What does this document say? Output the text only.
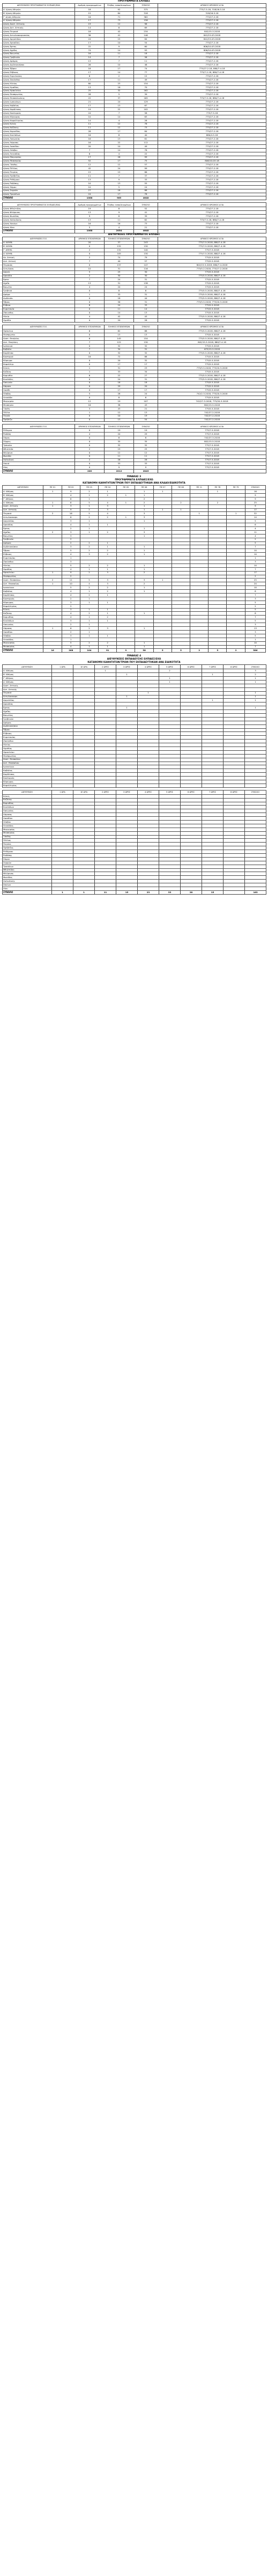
ΠΡΟΓΡΑΜΜΑΤΑ ΕΛΠΙΔΕΣ
ΔΙΕΥΘΥΝΣΕΙΣ ΠΡΟΓΡΑΜΜΑΤΟΣ ΕΛΠΙΔΕΣ/ΕΧΩ	Αριθμός προγραμμάτων	Πλήθος εκπαιδευομένων	ΣΥΝΟΛΟ	ΑΡΧΙΚΟΣ ΚΡΙΣΙΜΟΣ ΑΞΙΑ
Α' Δ/νση Αθηνών	18	92	375	775/7-5-18, 318/16-5-18
Β' Δ/νση Αθηνών	15	84	318	318/16-5-18
Γ' Δ/νση Αθηνών	16	71	362	775/27-2-18
Δ' Δ/νση Αθηνών	17	73	156	775/27-2-18
Δ/νση Ανατ. Αττικής	19	12	98	775/27-2-18
Δ/νση Δυτ. Αττικής	14	8	69	775/27-2-18
Δ/νση Πειραιά	18	42	234	842/15-3-2018
Δ/νση Αιτωλοακαρνανίας	36	41	146	842/15-03-2018
Δ/νση Αργολίδας	24	15	84	842/15-03-2018
Δ/νση Αρκαδίας	17	10	54	775/27-2-18
Δ/νση Άρτας	22	9	60	806/10-03-2018
Δ/νση Αχαΐας	74	14	93	806/10-03-2018
Δ/νση Βοιωτίας	16	11	18	775/27-2-18
Δ/νση Γρεβενών	14	7	56	775/27-2-18
Δ/νση Δράμας	13	7	11	775/27-2-18
Δ/νση Δωδεκανήσου	26	10	46	775/27-2-18
Δ/νση Έβρου	18	17	74	775/27-2-18, 880/7-4-18
Δ/νση Εύβοιας	17	14	77	775/7-2-18, 880/7-4-18
Δ/νση Ευρυτανίας	8	2	15	775/27-2-18
Δ/νση Ζακύνθου	17	11	49	775/27-2-18
Δ/νση Ηλείας	80	23	154	775/27-2-18
Δ/νση Ημαθίας	13	16	70	775/27-2-18
Δ/νση Ηρακλείου	25	32	162	775/27-2-18
Δ/νση Θεσπρωτίας	28	5	39	775/27-2-18
Δ/νση Θεσσαλονίκης	22	37	165	775/7-5-18, 880/7-4-18
Δ/νση Ιωαννίνων	21	24	129	775/27-2-18
Δ/νση Καβάλας	17	13	67	775/27-2-18
Δ/νση Καρδίτσας	19	22	102	775/27-2-18
Δ/νση Καστοριάς	24	7	58	775/7-5-18
Δ/νση Κέρκυρας	10	14	63	775/27-2-18
Δ/νση Κεφαλληνίας	14	4	28	775/27-2-18
Δ/νση Κιλκίς	11	12	78	775/27-2-18
Δ/νση Κοζάνης	11	12	73	775/27-2-18
Δ/νση Κορινθίας	28	17	84	775/27-2-18
Δ/νση Κυκλάδων	16	8	40	880/4-5-18
Δ/νση Λακωνίας	16	13	61	775/27-2-18
Δ/νση Λάρισας	16	22	112	775/27-2-18
Δ/νση Λασιθίου	20	10	49	775/27-2-18
Δ/νση Λέσβου	7	14	76	775/27-2-18
Δ/νση Λευκάδας	6	4	22	775/27-2-18
Δ/νση Μαγνησίας	17	26	99	775/27-2-18
Δ/νση Μεσσηνίας	52	17	75	806/10-03-18
Δ/νση Ξάνθης	12	12	57	775/27-2-18
Δ/νση Πέλλας	42	24	99	775/27-2-18
Δ/νση Πιερίας	15	15	86	775/27-2-18
Δ/νση Πρέβεζας	11	7	37	775/27-2-18
Δ/νση Ρεθύμνου	13	9	33	775/27-2-18
Δ/νση Ροδόπης	10	13	55	775/27-2-18
Δ/νση Σάμου	10	5	24	775/27-2-18
Δ/νση Σερρών	27	18	88	775/27-2-18
Δ/νση Τρικάλων	24	17	78	775/27-2-18
ΣΥΝΟΛΟ	1088	965	4648	
ΔΙΕΥΘΥΝΣΕΙΣ ΠΡΟΓΡΑΜΜΑΤΟΣ ΕΛΠΙΔΕΣ/ΕΧΩ	Αριθμός προγραμμάτων	Πλήθος εκπαιδευομένων	ΣΥΝΟΛΟ	ΑΡΧΙΚΟΣ ΚΡΙΣΙΜΟΣ ΑΞΙΑ
Δ/νση Φθιώτιδας	19	8	52	775/27-2-18
Δ/νση Φλώρινας	13	9	41	775/27-2-18
Δ/νση Φωκίδας	9	8	39	775/27-2-18
Δ/νση Χαλκιδικής	13	11	62	775/7-5-18, 880/7-4-18
Δ/νση Χανίων	16	16	73	775/27-2-18
Δ/νση Χίου	5	4	21	775/27-2-18
ΣΥΝΟΛΟ	1088	2054	4648	
ΔΙΕΥΘΥΝΣΕΙΣ ΠΡΟΓΡΑΜΜΑΤΟΣ ΕΛΠΙΔΕΣ
ΔΙΕΥΘΥΝΣΕΙΣ Π.Ε.	ΑΡΙΘΜΟΣ ΕΠΙΣΚΕΨΕΩΝ	ΠΛΗΘΟΣ ΕΠΙΣΚΕΨΕΩΝ	ΣΥΝΟΛΟ	ΑΡΧΙΚΟΣ ΚΡΙΣΙΜΟΣ ΑΞΙΑ
Α' ΑΘΗΝ.	20	37	243	775/7-5-2018, 880/7-4-18
Β' ΑΘΗΝ.	0	132	130	775/7-5-2018, 880/7-4-18
Γ' ΑΘΗΝ.	2	132	140	775/7-5-2018
Δ' ΑΘΗΝ.	0	105	130	775/7-5-2018, 880/7-4-18
Αν. Αττική	2	74	79	775/5-5-2018
Δυτ. Αττική	7	40	57	775/5-5-2018
Πειραιάς	0	137	147	802/15-5-2018, 880/7-4-2018
Αιτωλοακ.	10	31	116	775/5-2-2018, 775/27-2-2018
Αργολ.	5	25	30	775/5-5-2018
Αρκαδία	2	30	30	775/5-5-2018, 880/7-4-18
Άρτα	7	24	31	775/5-5-2018
Αχαΐα	13	31	138	775/5-5-2018
Βοιωτία	4	20	24	775/5-5-2018
Γρεβενά	0	8	8	775/5-5-2018, 880/7-4-18
Δράμα	1	33	31	775/5-5-2018, 880/7-4-18
Δωδεκάν.	0	18	44	775/5-5-2018, 880/7-4-18
Έβρος	0	56	31	775/5-5-2018, 775/20-3-2018
Εύβοια	8	24	33	775/5-5-2018
Ευρυτανία	0	11	14	775/5-5-2018
Ζάκυνθος	0	14	13	775/5-5-2018
Ηλεία	4	42	43	775/5-5-2018, 880/7-4-18
Ημαθία	0	20	28	775/5-5-2018
ΔΙΕΥΘΥΝΣΕΙΣ Π.Ε.	ΑΡΙΘΜΟΣ ΕΠΙΣΚΕΨΕΩΝ	ΠΛΗΘΟΣ ΕΠΙΣΚΕΨΕΩΝ	ΣΥΝΟΛΟ	ΑΡΧΙΚΟΣ ΚΡΙΣΙΜΟΣ ΑΞΙΑ
Ηράκλειο	6	82	88	775/5-5-2018, 880/7-4-18
Θεσπρωτία	0	13	13	775/5-5-2018
Ανατ. Θεσ/νίκη	6	145	154	775/5-5-2018, 880/7-4-18
Δυτ. Θεσ/νίκη	7	122	130	802/15-5-2018, 880/7-4-18
Ιωάννινα	0	32	32	775/5-5-2018
Καβάλα	7	34	31	675/15-5-2018
Καρδίτσα	0	32	32	775/5-5-2018, 880/7-4-18
Καστοριά	16	72	88	775/5-5-2018
Κέρκυρα	0	20	32	775/5-5-2018
Κεφαλλην.	0	17	17	775/5-5-2018
Κιλκίς	1	31	23	775/5-5-2018, 775/20-3-2018
Κοζάνη	1	33	34	775/5-5-2018
Κορινθία	6	22	27	775/5-5-2018, 880/7-4-18
Κυκλάδες	0	24	31	775/5-5-2018, 880/7-4-18
Λακωνία	0	18	18	775/5-5-2018
Λάρισα	0	29	20	775/5-5-2018
Λασίθι	0	17	17	775/5-5-2018
Λέσβος	5	28	24	742/2-3-2018, 775/20-3-2018
Λευκάδα	0	8	8	775/5-5-2018
Μαγνησία	12	19	107	742/27-3-2018, 775/20-3-2018
Μεσσηνία	16	38	43	802/15-5-2018
Ξάνθη	3	43	21	775/5-5-2018
Πέλλα	1	12	13	742/27-2-2018
Πιερία	0	10	19	742/27-2-2018
Πρέβεζα	0	13	54	742/27-2-2018
ΔΙΕΥΘΥΝΣΕΙΣ Π.Ε.	ΑΡΙΘΜΟΣ ΕΠΙΣΚΕΨΕΩΝ	ΠΛΗΘΟΣ ΕΠΙΣΚΕΨΕΩΝ	ΣΥΝΟΛΟ	ΑΡΧΙΚΟΣ ΚΡΙΣΙΜΟΣ ΑΞΙΑ
Ρέθυμνο	0	19	19	775/7-5-2018
Ροδόπη	4	20	29	775/7-5-2018
Σάμος	0	8	8	742/27-3-2018
Σέρρες	0	35	35	802/15-5-2018
Τρίκαλα	0	32	32	775/7-5-2018
Φθιώτιδα	2	19	25	775/7-5-2018
Φλώρινα	0	12	12	775/7-5-2018
Φωκίδα	0	11	11	775/7-5-2018
Χαλκιδική	2	26	28	775/7-5-2018
Χανιά	0	33	33	775/7-5-2018
Χίος	0	9	9	775/7-5-2018
ΣΥΝΟΛΟ	206	2012	2845	
ΠΙΝΑΚΑΣ 3
ΠΡΟΓΡΑΜΜΑΤΑ ΕΛΠΙΔΕΣ/ΕΧΩ
ΚΑΤΑΝΟΜΗ ΚΑΘΗΓΗΤΩΝ/ΤΡΙΩΝ ΠΟΥ ΕΚΠΑΙΔΕΥΤΗΚΑΝ ΑΝΑ ΚΛΑΔΟ/ΕΙΔΙΚΟΤΗΤΑ
ΔΙΕΥΘΥΝΣΗ	ΠΕ 01	ΠΕ 02	ΠΕ 03	ΠΕ 04	ΠΕ 05	ΠΕ 06	ΠΕ 07	ΠΕ 08	ΠΕ 11	ΠΕ 78	ΠΕ 79	ΣΥΝΟΛΟ
Α' Αθήνας	1	9	2	1		1	1			1		16
Β' Αθήνας		4	1	2	1	1						9
Γ' Αθήνας		6	1			2						9
Δ' Αθήνας	1	8	5	4	1	2		2		2		25
Ανατ. Αττικής	1	3	1	3		1						9
Δυτ. Αττικής		9	2	3		1	1	1				17
Πειραιά	2	16	5	4		3			1		1	32
Αιτωλοακαρν.		6	2	2	1	3						14
Αργολίδας		3	1			1						5
Αρκαδίας		4	1	1								6
Άρτας		2	1			1						4
Αχαΐας	2	3	1	2		3						11
Βοιωτίας		3				1						4
Γρεβενών		2										2
Δράμας		2	2	1								5
Δωδεκανήσου		3	2	1		1						7
Έβρου		5	2	2		1						10
Εύβοιας		4	3	2		1						10
Ευρυτανίας		1										1
Ζακύνθου		3										3
Ηλείας		5	2	2		1						10
Ημαθίας		4	1	1		1						7
Ηρακλείου	1	9	2	3		2						17
Θεσπρωτίας		2										2
Ανατ. Θεσσαλον.	2	11	5	3		3	1					25
Δυτ. Θεσσαλον.	1	10	4	3		2						20
Ιωαννίνων		5	2	2		1						10
Καβάλας		4	1	2		1						8
Καρδίτσας		4	2	1								7
Καστοριάς		2	1									3
Κέρκυρας		3	1	1								5
Κεφαλληνίας		2										2
Κιλκίς		3	1	1								5
Κοζάνης		4	2	1		1						8
Κορινθίας		4	1	2								7
Κυκλάδων		3	1	1								5
Λακωνίας		2	1									3
Λάρισας	1	6	2	3		1						13
Λασιθίου		2	1									3
Λέσβου		3	1	1								5
Λευκάδας		1										1
Μαγνησίας		5	2	2		1						10
Μεσσηνίας		4	1	1		1						7
ΣΥΝΟΛΟ	16	268	104	91	9	58	5	5	2	5	2	586
ΠΙΝΑΚΑΣ 4
ΔΙΕΥΘΥΝΣΕΙΣ ΕΚΠΑΙΔΕΥΣΗΣ ΕΛΠΙΔΕΣ/ΕΧΩ
ΚΑΤΑΝΟΜΗ ΚΑΘΗΓΗΤΩΝ/ΤΡΙΩΝ ΠΟΥ ΕΚΠΑΙΔΕΥΤΗΚΑΝ ΑΝΑ ΕΙΔΙΚΟΤΗΤΑ
ΔΙΕΥΘΥΝΣΗ	1 ΩΡΑ	1Ε ΩΡΑ	2 ΩΡΕΣ	3 ΩΡΕΣ	4 ΩΡΕΣ	5 ΩΡΕΣ	6 ΩΡΕΣ	7 ΩΡΕΣ	8 ΩΡΕΣ	ΣΥΝΟΛΟ
Α' Αθήνας			1			2				3
Β' Αθήνας				1				1		2
Γ' Αθήνας						1				1
Δ' Αθήνας						1				1
Ανατ. Αττικής										
Δυτ. Αττικής										
Πειραιά					1					1
Αιτωλοακαρν.				1						1
Αργολίδας								1		1
Αρκαδίας										
Άρτας				1						1
Αχαΐας										
Βοιωτίας										
Γρεβενών										
Δράμας										
Δωδεκανήσου										
Έβρου										
Εύβοιας										
Ευρυτανίας										
Ζακύνθου										
Ηλείας										
Ημαθίας										
Ηρακλείου										
Θεσπρωτίας										
Ανατ. Θεσσαλον.										
Δυτ. Θεσσαλον.										
Ιωαννίνων										
Καβάλας										
Καρδίτσας										
Καστοριάς										
Κέρκυρας										
Κεφαλληνίας										
ΔΙΕΥΘΥΝΣΗ	1 ΩΡΑ	1Ε ΩΡΑ	2 ΩΡΕΣ	3 ΩΡΕΣ	4 ΩΡΕΣ	5 ΩΡΕΣ	6 ΩΡΕΣ	7 ΩΡΕΣ	8 ΩΡΕΣ	ΣΥΝΟΛΟ
Κιλκίς										
Κοζάνης										
Κορινθίας										
Κυκλάδων										
Λακωνίας										
Λάρισας										
Λασιθίου										
Λέσβου										
Λευκάδας										
Μαγνησίας										
Μεσσηνίας										
Ξάνθης										
Πέλλας										
Πιερίας										
Πρέβεζας										
Ρεθύμνου										
Ροδόπης										
Σάμου										
Σερρών										
Τρικάλων										
Φθιώτιδας										
Φλώρινας										
Φωκίδας										
Χαλκιδικής										
Χανίων										
Χίου										
ΣΥΝΟΛΟ	1	1	11	15	23	33	28	15		163
